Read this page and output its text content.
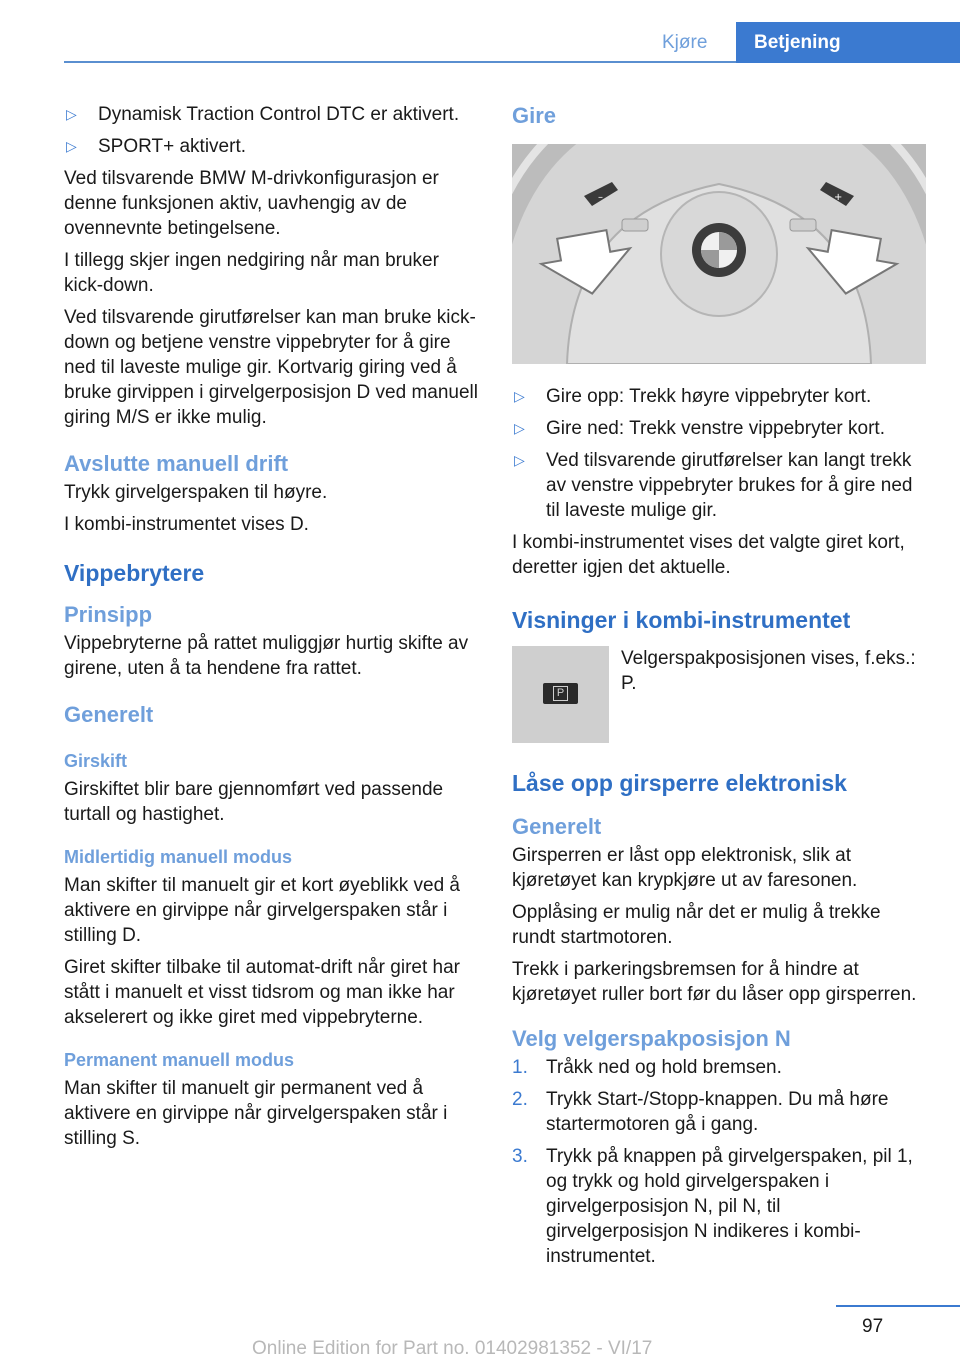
Kjøre	Betjening
▷	Dynamisk Traction Control DTC er aktivert.
▷	SPORT+ aktivert.
Ved tilsvarende BMW M-drivkonfigurasjon er denne funksjonen aktiv, uavhengig av de ovennevnte betingelsene.
I tillegg skjer ingen nedgiring når man bruker kick-down.
Ved tilsvarende girutførelser kan man bruke kick-down og betjene venstre vippebryter for å gire ned til laveste mulige gir. Kortvarig giring ved å bruke girvippen i girvelgerposisjon D ved manuell giring M/S er ikke mulig.
Avslutte manuell drift
Trykk girvelgerspaken til høyre.
I kombi-instrumentet vises D.
Vippebrytere
Prinsipp
Vippebryterne på rattet muliggjør hurtig skifte av girene, uten å ta hendene fra rattet.
Generelt
Girskift
Girskiftet blir bare gjennomført ved passende turtall og hastighet.
Midlertidig manuell modus
Man skifter til manuelt gir et kort øyeblikk ved å aktivere en girvippe når girvelgerspaken står i stilling D.
Giret skifter tilbake til automat-drift når giret har stått i manuelt et visst tidsrom og man ikke har akselerert og ikke giret med vippebryterne.
Permanent manuell modus
Man skifter til manuelt gir permanent ved å aktivere en girvippe når girvelgerspaken står i stilling S.
Gire
–	+
▷	Gire opp: Trekk høyre vippebryter kort.
▷	Gire ned: Trekk venstre vippebryter kort.
▷	Ved tilsvarende girutførelser kan langt trekk av venstre vippebryter brukes for å gire ned til laveste mulige gir.
I kombi-instrumentet vises det valgte giret kort, deretter igjen det aktuelle.
Visninger i kombi-instrumentet
P
Velgerspakposisjonen vises, f.eks.: P.
Låse opp girsperre elektronisk
Generelt
Girsperren er låst opp elektronisk, slik at kjøretøyet kan krypkjøre ut av faresonen.
Opplåsing er mulig når det er mulig å trekke rundt startmotoren.
Trekk i parkeringsbremsen for å hindre at kjøretøyet ruller bort før du låser opp girsperren.
Velg velgerspakposisjon N
1. Tråkk ned og hold bremsen.
2. Trykk Start-/Stopp-knappen. Du må høre startermotoren gå i gang.
3. Trykk på knappen på girvelgerspaken, pil 1, og trykk og hold girvelgerspaken i girvelgerposisjon N, pil N, til girvelgerposisjon N indikeres i kombi-instrumentet.
97
Online Edition for Part no. 01402981352 - VI/17
